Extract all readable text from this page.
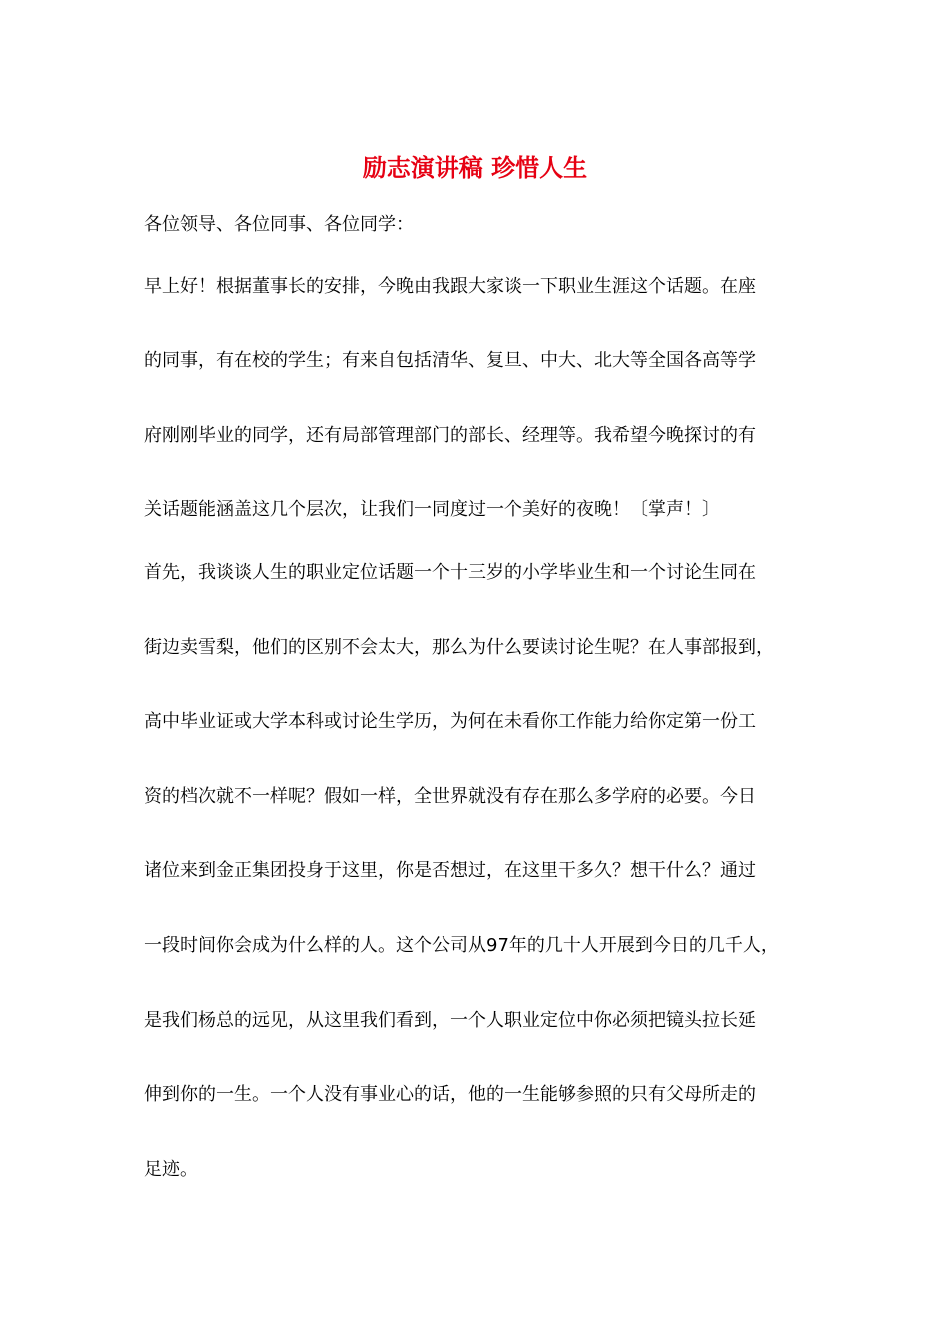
励志演讲稿 珍惜人生

各位领导、各位同事、各位同学：

早上好！根据董事长的安排，今晚由我跟大家谈一下职业生涯这个话题。在座

的同事，有在校的学生；有来自包括清华、复旦、中大、北大等全国各高等学

府刚刚毕业的同学，还有局部管理部门的部长、经理等。我希望今晚探讨的有

关话题能涵盖这几个层次，让我们一同度过一个美好的夜晚！〔掌声！〕

首先，我谈谈人生的职业定位话题一个十三岁的小学毕业生和一个讨论生同在

街边卖雪梨，他们的区别不会太大，那么为什么要读讨论生呢？在人事部报到，

高中毕业证或大学本科或讨论生学历，为何在未看你工作能力给你定第一份工

资的档次就不一样呢？假如一样，全世界就没有存在那么多学府的必要。今日

诸位来到金正集团投身于这里，你是否想过，在这里干多久？想干什么？通过

一段时间你会成为什么样的人。这个公司从97年的几十人开展到今日的几千人，

是我们杨总的远见，从这里我们看到，一个人职业定位中你必须把镜头拉长延

伸到你的一生。一个人没有事业心的话，他的一生能够参照的只有父母所走的

足迹。
